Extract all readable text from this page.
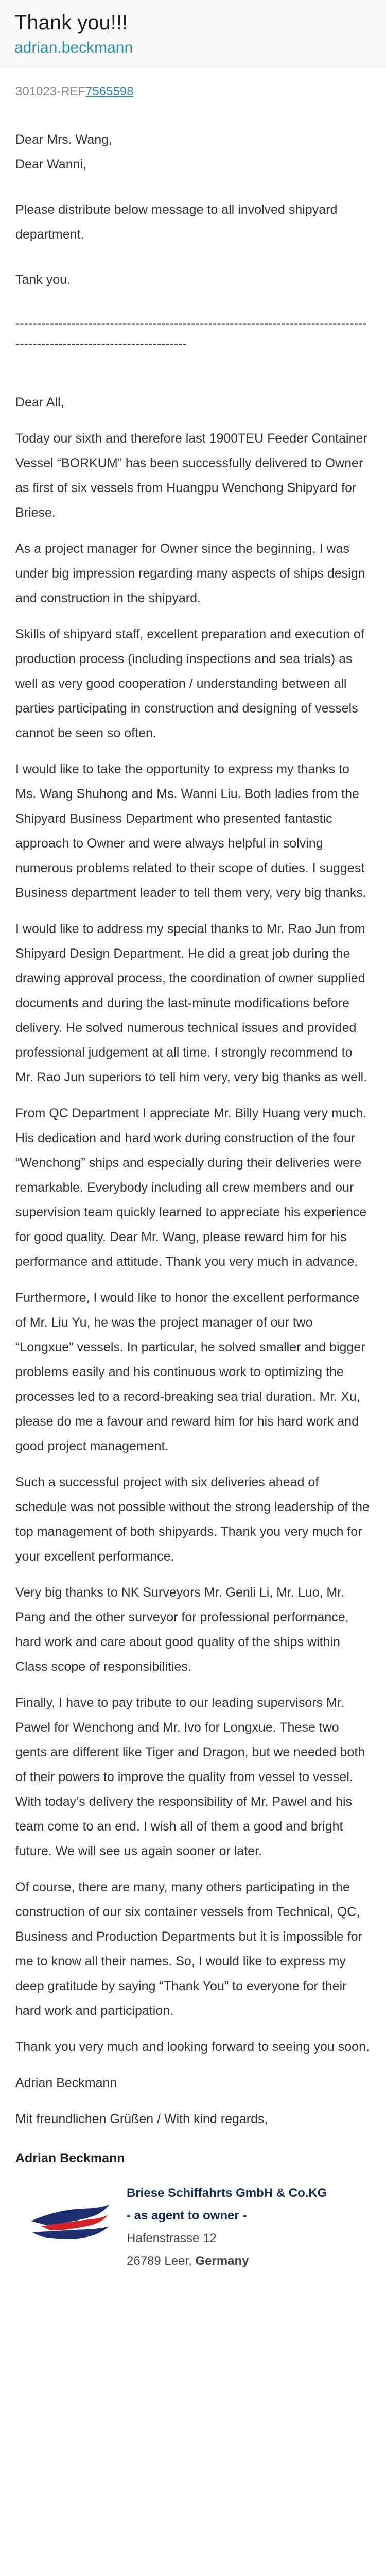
Thank you!!!
adrian.beckmann
301023-REF7565598
Dear Mrs. Wang,
Dear Wanni,
Please distribute below message to all involved shipyard department.
Tank you.
--------------------------------------------------------------------------------------------------------------------------
Dear All,
Today our sixth and therefore last 1900TEU Feeder Container Vessel “BORKUM” has been successfully delivered to Owner as first of six vessels from Huangpu Wenchong Shipyard for Briese.
As a project manager for Owner since the beginning, I was under big impression regarding many aspects of ships design and construction in the shipyard.
Skills of shipyard staff, excellent preparation and execution of production process (including inspections and sea trials) as well as very good cooperation / understanding between all parties participating in construction and designing of vessels cannot be seen so often.
I would like to take the opportunity to express my thanks to Ms. Wang Shuhong and Ms. Wanni Liu. Both ladies from the Shipyard Business Department who presented fantastic approach to Owner and were always helpful in solving numerous problems related to their scope of duties. I suggest Business department leader to tell them very, very big thanks.
I would like to address my special thanks to Mr. Rao Jun from Shipyard Design Department. He did a great job during the drawing approval process, the coordination of owner supplied documents and during the last-minute modifications before delivery. He solved numerous technical issues and provided professional judgement at all time. I strongly recommend to Mr. Rao Jun superiors to tell him very, very big thanks as well.
From QC Department I appreciate Mr. Billy Huang very much. His dedication and hard work during construction of the four “Wenchong” ships and especially during their deliveries were remarkable. Everybody including all crew members and our supervision team quickly learned to appreciate his experience for good quality. Dear Mr. Wang, please reward him for his performance and attitude. Thank you very much in advance.
Furthermore, I would like to honor the excellent performance of Mr. Liu Yu, he was the project manager of our two “Longxue” vessels. In particular, he solved smaller and bigger problems easily and his continuous work to optimizing the processes led to a record-breaking sea trial duration. Mr. Xu, please do me a favour and reward him for his hard work and good project management.
Such a successful project with six deliveries ahead of schedule was not possible without the strong leadership of the top management of both shipyards. Thank you very much for your excellent performance.
Very big thanks to NK Surveyors Mr. Genli Li, Mr. Luo, Mr. Pang and the other surveyor for professional performance, hard work and care about good quality of the ships within Class scope of responsibilities.
Finally, I have to pay tribute to our leading supervisors Mr. Pawel for Wenchong and Mr. Ivo for Longxue. These two gents are different like Tiger and Dragon, but we needed both of their powers to improve the quality from vessel to vessel. With today’s delivery the responsibility of Mr. Pawel and his team come to an end. I wish all of them a good and bright future. We will see us again sooner or later.
Of course, there are many, many others participating in the construction of our six container vessels from Technical, QC, Business and Production Departments but it is impossible for me to know all their names. So, I would like to express my deep gratitude by saying “Thank You” to everyone for their hard work and participation.
Thank you very much and looking forward to seeing you soon.
Adrian Beckmann
Mit freundlichen Grüßen / With kind regards,
Adrian Beckmann
Briese Schiffahrts GmbH & Co.KG
- as agent to owner -
Hafenstrasse 12
26789 Leer, Germany
